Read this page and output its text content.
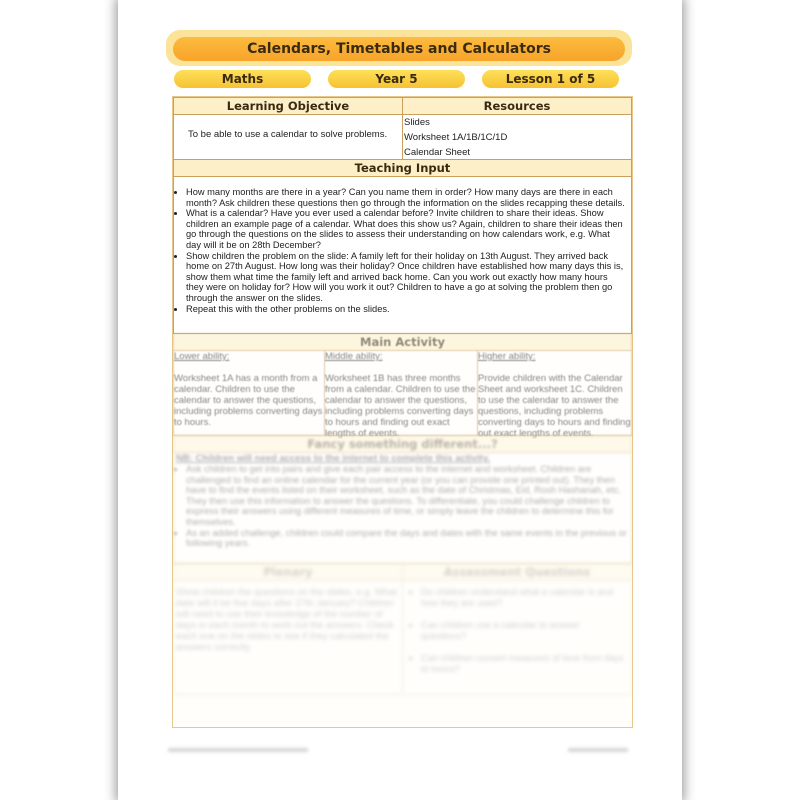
Calendars, Timetables and Calculators
Maths	Year 5	Lesson 1 of 5
Learning Objective	Resources
To be able to use a calendar to solve problems.
Slides
Worksheet 1A/1B/1C/1D
Calendar Sheet
Teaching Input
• How many months are there in a year? Can you name them in order? How many days are there in each month? Ask children these questions then go through the information on the slides recapping these details.
• What is a calendar? Have you ever used a calendar before? Invite children to share their ideas. Show children an example page of a calendar. What does this show us? Again, children to share their ideas then go through the questions on the slides to assess their understanding on how calendars work, e.g. What day will it be on 28th December?
• Show children the problem on the slide: A family left for their holiday on 13th August. They arrived back home on 27th August. How long was their holiday? Once children have established how many days this is, show them what time the family left and arrived back home. Can you work out exactly how many hours they were on holiday for? How will you work it out? Children to have a go at solving the problem then go through the answer on the slides.
• Repeat this with the other problems on the slides.
Main Activity
Lower ability:
Worksheet 1A has a month from a calendar. Children to use the calendar to answer the questions, including problems converting days to hours.
Middle ability:
Worksheet 1B has three months from a calendar. Children to use the calendar to answer the questions, including problems converting days to hours and finding out exact lengths of events.
Higher ability:
Provide children with the Calendar Sheet and worksheet 1C. Children to use the calendar to answer the questions, including problems converting days to hours and finding out exact lengths of events.
Fancy something different...?
NB: Children will need access to the internet to complete this activity.
• Ask children to get into pairs and give each pair access to the internet and worksheet. Children are challenged to find an online calendar for the current year (or you can provide one printed out). They then have to find the events listed on their worksheet, such as the date of Christmas, Eid, Rosh Hashanah, etc. They then use this information to answer the questions. To differentiate, you could challenge children to express their answers using different measures of time, or simply leave the children to determine this for themselves.
• As an added challenge, children could compare the days and dates with the same events in the previous or following years.
Plenary	Assessment Questions
Show children the questions on the slides, e.g. What date will it be five days after 27th January? Children will need to use their knowledge of the number of days in each month to work out the answers. Check each one on the slides to see if they calculated the answers correctly.
• Do children understand what a calendar is and how they are used?
• Can children use a calendar to answer questions?
• Can children convert measures of time from days to hours?
